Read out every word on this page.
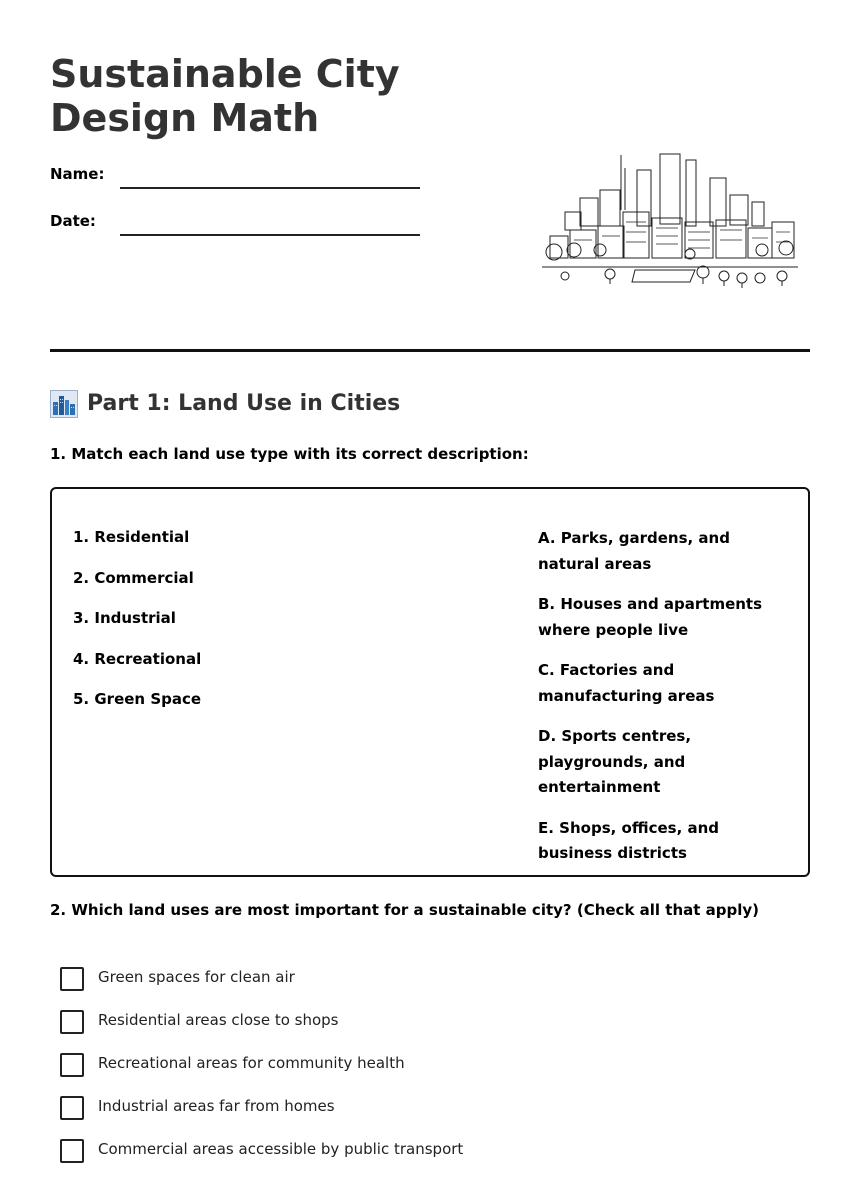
Sustainable City Design Math
Name:
Date:
Part 1: Land Use in Cities
1. Match each land use type with its correct description:
1. Residential
2. Commercial
3. Industrial
4. Recreational
5. Green Space
A. Parks, gardens, and natural areas
B. Houses and apartments where people live
C. Factories and manufacturing areas
D. Sports centres, playgrounds, and entertainment
E. Shops, offices, and business districts
2. Which land uses are most important for a sustainable city? (Check all that apply)
Green spaces for clean air
Residential areas close to shops
Recreational areas for community health
Industrial areas far from homes
Commercial areas accessible by public transport
